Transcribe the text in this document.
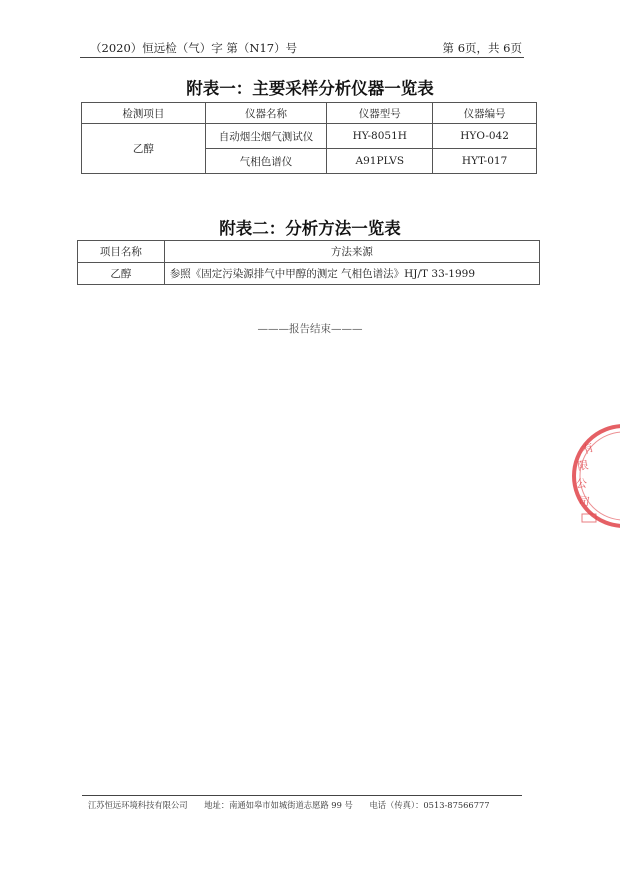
（2020）恒远检（气）字 第（N17）号	第 6页，共 6页
附表一：主要采样分析仪器一览表
检测项目	仪器名称	仪器型号	仪器编号
乙醇	自动烟尘烟气测试仪	HY-8051H	HYO-042
	气相色谱仪	A91PLVS	HYT-017
附表二：分析方法一览表
项目名称	方法来源
乙醇	参照《固定污染源排气中甲醇的测定 气相色谱法》HJ/T 33-1999
———报告结束———
有
限
公
司
江苏恒远环境科技有限公司 地址：南通如皋市如城街道志愿路 99 号 电话（传真）：0513-87566777
